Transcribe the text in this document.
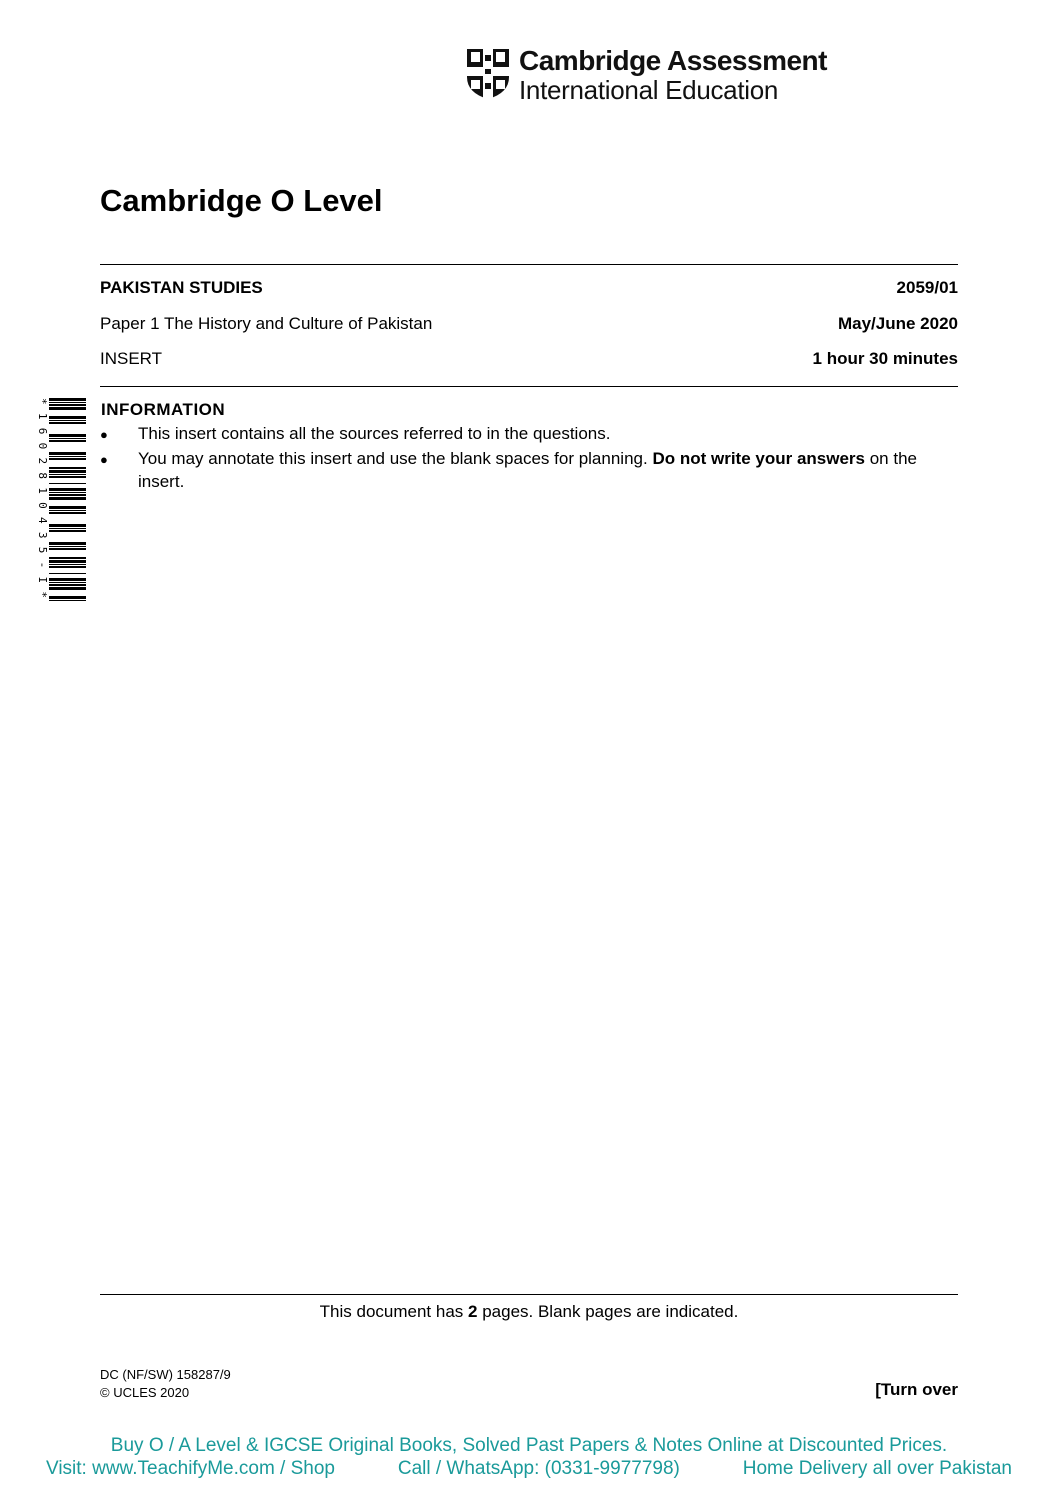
Cambridge Assessment
International Education
Cambridge O Level
PAKISTAN STUDIES	2059/01
Paper 1 The History and Culture of Pakistan	May/June 2020
INSERT	1 hour 30 minutes
*1602810435-I*
INFORMATION
●	This insert contains all the sources referred to in the questions.
●	You may annotate this insert and use the blank spaces for planning. Do not write your answers on the insert.
This document has 2 pages. Blank pages are indicated.
DC (NF/SW) 158287/9
© UCLES 2020	[Turn over
Buy O / A Level & IGCSE Original Books, Solved Past Papers & Notes Online at Discounted Prices.
Visit: www.TeachifyMe.com / Shop	Call / WhatsApp: (0331-9977798)	Home Delivery all over Pakistan
